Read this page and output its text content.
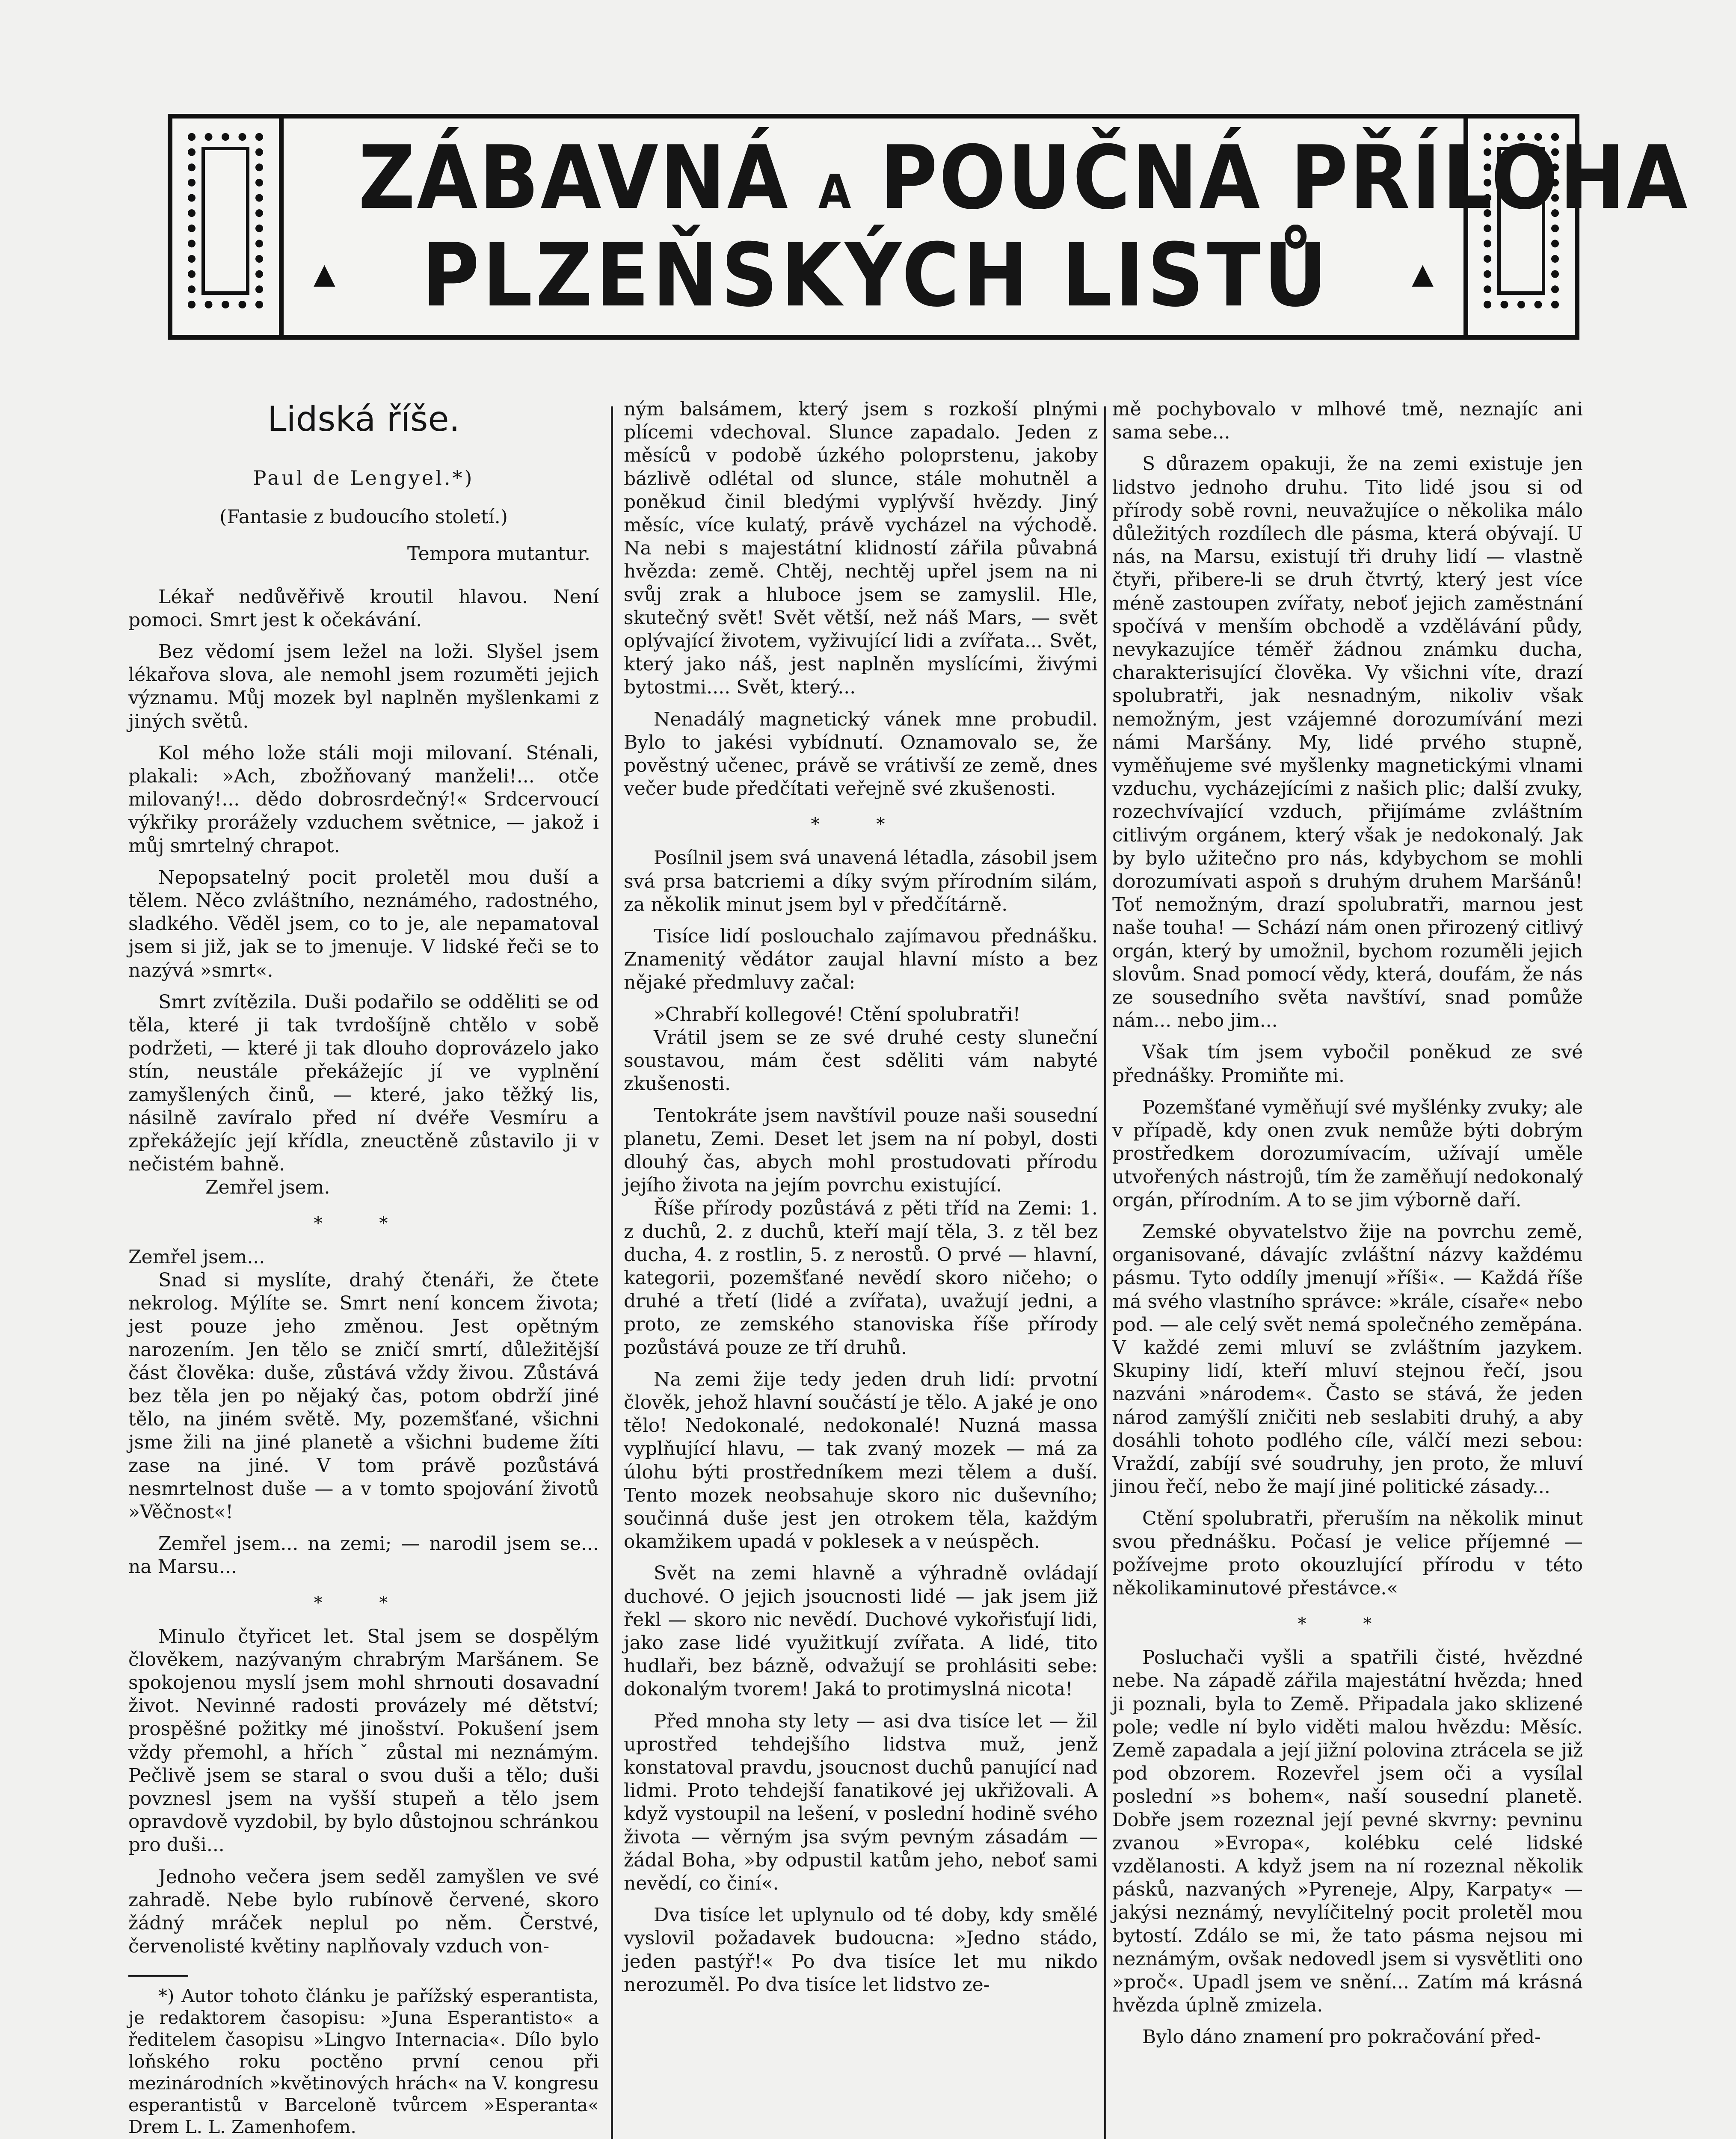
ZÁBAVNÁ A POUČNÁ PŘÍLOHA
PLZEŇSKÝCH LISTŮ
▲	▲
Lidská říše.
Paul de Lengyel.*)
(Fantasie z budoucího století.)
Tempora mutantur.

Lékař nedůvěřivě kroutil hlavou. Není pomoci. Smrt jest k očekávání.

Bez vědomí jsem ležel na loži. Slyšel jsem lékařova slova, ale nemohl jsem rozuměti jejich významu. Můj mozek byl naplněn myšlenkami z jiných světů.

Kol mého lože stáli moji milovaní. Sténali, plakali: »Ach, zbožňovaný manželi!... otče milovaný!... dědo dobrosrdečný!« Srdcervoucí výkřiky prorážely vzduchem světnice, — jakož i můj smrtelný chrapot.

Nepopsatelný pocit proletěl mou duší a tělem. Něco zvláštního, neznámého, radostného, sladkého. Věděl jsem, co to je, ale nepamatoval jsem si již, jak se to jmenuje. V lidské řeči se to nazývá »smrt«.

Smrt zvítězila. Duši podařilo se odděliti se od těla, které ji tak tvrdošíjně chtělo v sobě podržeti, — které ji tak dlouho doprovázelo jako stín, neustále překážejíc jí ve vyplnění zamyšlených činů, — které, jako těžký lis, násilně zavíralo před ní dvéře Vesmíru a zpřekážejíc její křídla, zneuctěně zůstavilo ji v nečistém bahně.

Zemřel jsem.

* *

Zemřel jsem...

Snad si myslíte, drahý čtenáři, že čtete nekrolog. Mýlíte se. Smrt není koncem života; jest pouze jeho změnou. Jest opětným narozením. Jen tělo se zničí smrtí, důležitější část člověka: duše, zůstává vždy živou. Zůstává bez těla jen po nějaký čas, potom obdrží jiné tělo, na jiném světě. My, pozemšťané, všichni jsme žili na jiné planetě a všichni budeme žíti zase na jiné. V tom právě pozůstává nesmrtelnost duše — a v tomto spojování životů »Věčnost«!

Zemřel jsem... na zemi; — narodil jsem se... na Marsu...

* *

Minulo čtyřicet let. Stal jsem se dospělým člověkem, nazývaným chrabrým Maršánem. Se spokojenou myslí jsem mohl shrnouti dosavadní život. Nevinné radosti provázely mé dětství; prospěšné požitky mé jinošství. Pokušení jsem vždy přemohl, a hříchˇ zůstal mi neznámým. Pečlivě jsem se staral o svou duši a tělo; duši povznesl jsem na vyšší stupeň a tělo jsem opravdově vyzdobil, by bylo důstojnou schránkou pro duši...

Jednoho večera jsem seděl zamyšlen ve své zahradě. Nebe bylo rubínově červené, skoro žádný mráček neplul po něm. Čerstvé, červenolisté květiny naplňovaly vzduch von-

*) Autor tohoto článku je pařížský esperantista, je redaktorem časopisu: »Juna Esperantisto« a ředitelem časopisu »Lingvo Internacia«. Dílo bylo loňského roku poctěno první cenou při mezinárodních »květinových hrách« na V. kongresu esperantistů v Barceloně tvůrcem »Esperanta« Drem L. L. Zamenhofem.

ným balsámem, který jsem s rozkoší plnými plícemi vdechoval. Slunce zapadalo. Jeden z měsíců v podobě úzkého poloprstenu, jakoby bázlivě odlétal od slunce, stále mohutněl a poněkud činil bledými vyplývší hvězdy. Jiný měsíc, více kulatý, právě vycházel na východě. Na nebi s majestátní klidností zářila půvabná hvězda: země. Chtěj, nechtěj upřel jsem na ni svůj zrak a hluboce jsem se zamyslil. Hle, skutečný svět! Svět větší, než náš Mars, — svět oplývající životem, vyživující lidi a zvířata... Svět, který jako náš, jest naplněn myslícími, živými bytostmi.... Svět, který...

Nenadálý magnetický vánek mne probudil. Bylo to jakési vybídnutí. Oznamovalo se, že pověstný učenec, právě se vrátivší ze země, dnes večer bude předčítati veřejně své zkušenosti.

* *

Posílnil jsem svá unavená létadla, zásobil jsem svá prsa batcriemi a díky svým přírodním silám, za několik minut jsem byl v předčítárně.

Tisíce lidí poslouchalo zajímavou přednášku. Znamenitý vědátor zaujal hlavní místo a bez nějaké předmluvy začal:

»Chrabří kollegové! Ctění spolubratři!

Vrátil jsem se ze své druhé cesty sluneční soustavou, mám čest sděliti vám nabyté zkušenosti.

Tentokráte jsem navštívil pouze naši sousední planetu, Zemi. Deset let jsem na ní pobyl, dosti dlouhý čas, abych mohl prostudovati přírodu jejího života na jejím povrchu existující.

Říše přírody pozůstává z pěti tříd na Zemi: 1. z duchů, 2. z duchů, kteří mají těla, 3. z těl bez ducha, 4. z rostlin, 5. z nerostů. O prvé — hlavní, kategorii, pozemšťané nevědí skoro ničeho; o druhé a třetí (lidé a zvířata), uvažují jedni, a proto, ze zemského stanoviska říše přírody pozůstává pouze ze tří druhů.

Na zemi žije tedy jeden druh lidí: prvotní člověk, jehož hlavní součástí je tělo. A jaké je ono tělo! Nedokonalé, nedokonalé! Nuzná massa vyplňující hlavu, — tak zvaný mozek — má za úlohu býti prostředníkem mezi tělem a duší. Tento mozek neobsahuje skoro nic duševního; součinná duše jest jen otrokem těla, každým okamžikem upadá v poklesek a v neúspěch.

Svět na zemi hlavně a výhradně ovládají duchové. O jejich jsoucnosti lidé — jak jsem již řekl — skoro nic nevědí. Duchové vykořisťují lidi, jako zase lidé využitkují zvířata. A lidé, tito hudlaři, bez bázně, odvažují se prohlásiti sebe: dokonalým tvorem! Jaká to protimyslná nicota!

Před mnoha sty lety — asi dva tisíce let — žil uprostřed tehdejšího lidstva muž, jenž konstatoval pravdu, jsoucnost duchů panující nad lidmi. Proto tehdejší fanatikové jej ukřižovali. A když vystoupil na lešení, v poslední hodině svého života — věrným jsa svým pevným zásadám — žádal Boha, »by odpustil katům jeho, neboť sami nevědí, co činí«.

Dva tisíce let uplynulo od té doby, kdy smělé vyslovil požadavek budoucna: »Jedno stádo, jeden pastýř!« Po dva tisíce let mu nikdo nerozuměl. Po dva tisíce let lidstvo ze-

mě pochybovalo v mlhové tmě, neznajíc ani sama sebe...

S důrazem opakuji, že na zemi existuje jen lidstvo jednoho druhu. Tito lidé jsou si od přírody sobě rovni, neuvažujíce o několika málo důležitých rozdílech dle pásma, která obývají. U nás, na Marsu, existují tři druhy lidí — vlastně čtyři, přibere-li se druh čtvrtý, který jest více méně zastoupen zvířaty, neboť jejich zaměstnání spočívá v menším obchodě a vzdělávání půdy, nevykazujíce téměř žádnou známku ducha, charakterisující člověka. Vy všichni víte, drazí spolubratři, jak nesnadným, nikoliv však nemožným, jest vzájemné dorozumívání mezi námi Maršány. My, lidé prvého stupně, vyměňujeme své myšlenky magnetickými vlnami vzduchu, vycházejícími z našich plic; další zvuky, rozechvívající vzduch, přijímáme zvláštním citlivým orgánem, který však je nedokonalý. Jak by bylo užitečno pro nás, kdybychom se mohli dorozumívati aspoň s druhým druhem Maršánů! Toť nemožným, drazí spolubratři, marnou jest naše touha! — Schází nám onen přirozený citlivý orgán, který by umožnil, bychom rozuměli jejich slovům. Snad pomocí vědy, která, doufám, že nás ze sousedního světa navštíví, snad pomůže nám... nebo jim...

Však tím jsem vybočil poněkud ze své přednášky. Promiňte mi.

Pozemšťané vyměňují své myšlénky zvuky; ale v případě, kdy onen zvuk nemůže býti dobrým prostředkem dorozumívacím, užívají uměle utvořených nástrojů, tím že zaměňují nedokonalý orgán, přírodním. A to se jim výborně daří.

Zemské obyvatelstvo žije na povrchu země, organisované, dávajíc zvláštní názvy každému pásmu. Tyto oddíly jmenují »říši«. — Každá říše má svého vlastního správce: »krále, císaře« nebo pod. — ale celý svět nemá společného zeměpána. V každé zemi mluví se zvláštním jazykem. Skupiny lidí, kteří mluví stejnou řečí, jsou nazváni »národem«. Často se stává, že jeden národ zamýšlí zničiti neb seslabiti druhý, a aby dosáhli tohoto podlého cíle, válčí mezi sebou: Vraždí, zabíjí své soudruhy, jen proto, že mluví jinou řečí, nebo že mají jiné politické zásady...

Ctění spolubratři, přeruším na několik minut svou přednášku. Počasí je velice příjemné — požívejme proto okouzlující přírodu v této několikaminutové přestávce.«

* *

Posluchači vyšli a spatřili čisté, hvězdné nebe. Na západě zářila majestátní hvězda; hned ji poznali, byla to Země. Připadala jako sklizené pole; vedle ní bylo viděti malou hvězdu: Měsíc. Země zapadala a její jižní polovina ztrácela se již pod obzorem. Rozevřel jsem oči a vysílal poslední »s bohem«, naší sousední planetě. Dobře jsem rozeznal její pevné skvrny: pevninu zvanou »Evropa«, kolébku celé lidské vzdělanosti. A když jsem na ní rozeznal několik pásků, nazvaných »Pyreneje, Alpy, Karpaty« — jakýsi neznámý, nevylíčitelný pocit proletěl mou bytostí. Zdálo se mi, že tato pásma nejsou mi neznámým, ovšak nedovedl jsem si vysvětliti ono »proč«. Upadl jsem ve snění... Zatím má krásná hvězda úplně zmizela.

Bylo dáno znamení pro pokračování před-
